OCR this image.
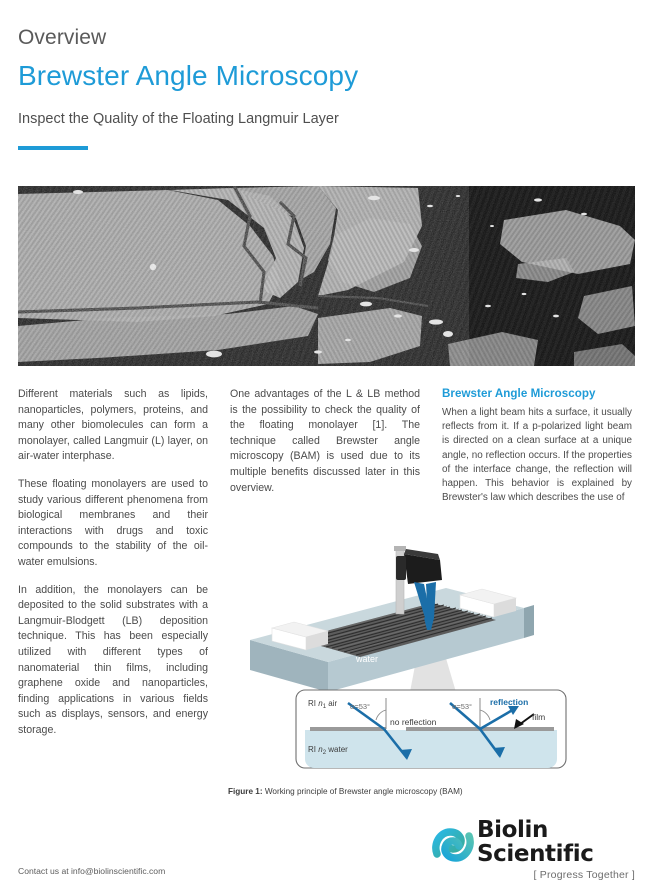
Overview
Brewster Angle Microscopy
Inspect the Quality of the Floating Langmuir Layer

Different materials such as lipids, nanoparticles, polymers, proteins, and many other biomolecules can form a monolayer, called Langmuir (L) layer, on air-water interphase.

These floating monolayers are used to study various different phenomena from biological membranes and their interactions with drugs and toxic compounds to the stability of the oil-water emulsions.

In addition, the monolayers can be deposited to the solid substrates with a Langmuir-Blodgett (LB) deposition technique. This has been especially utilized with different types of nanomaterial thin films, including graphene oxide and nanoparticles, finding applications in various fields such as displays, sensors, and energy storage.

One advantages of the L & LB method is the possibility to check the quality of the floating monolayer [1]. The technique called Brewster angle microscopy (BAM) is used due to its multiple benefits discussed later in this overview.

Brewster Angle Microscopy

When a light beam hits a surface, it usually reflects from it. If a p-polarized light beam is directed on a clean surface at a unique angle, no reflection occurs. If the properties of the interface change, the reflection will happen. This behavior is explained by Brewster's law which describes the use of

water
RI $n_1$ air
RI $n_2$ water
α=53°	α=53°
no reflection
reflection
film
Figure 1: Working principle of Brewster angle microscopy (BAM)
Contact us at info@biolinscientific.com
Biolin Scientific
[ Progress Together ]
